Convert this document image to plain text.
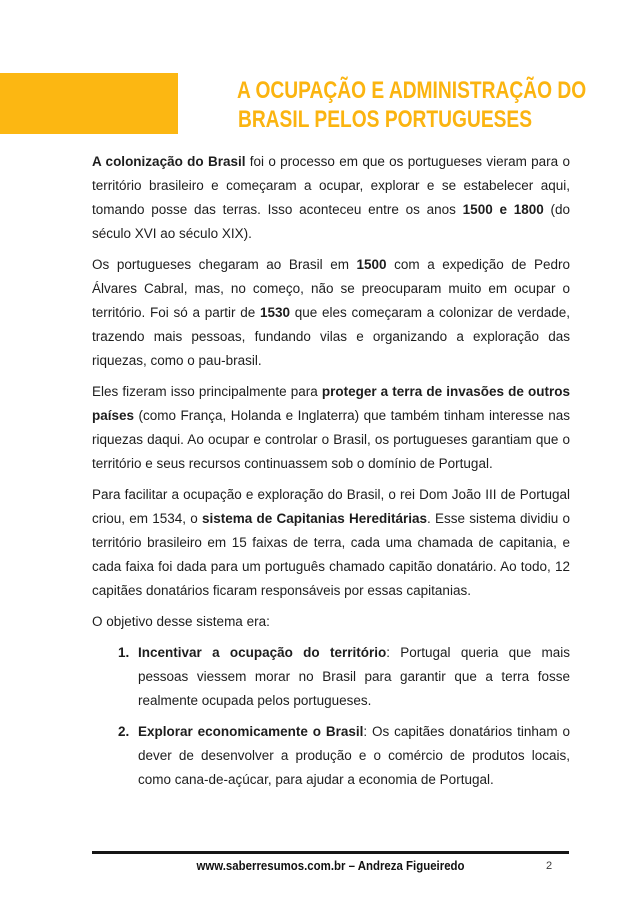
A OCUPAÇÃO E ADMINISTRAÇÃO DO
BRASIL PELOS PORTUGUESES

A colonização do Brasil foi o processo em que os portugueses vieram para o território brasileiro e começaram a ocupar, explorar e se estabelecer aqui, tomando posse das terras. Isso aconteceu entre os anos 1500 e 1800 (do século XVI ao século XIX).

Os portugueses chegaram ao Brasil em 1500 com a expedição de Pedro Álvares Cabral, mas, no começo, não se preocuparam muito em ocupar o território. Foi só a partir de 1530 que eles começaram a colonizar de verdade, trazendo mais pessoas, fundando vilas e organizando a exploração das riquezas, como o pau-brasil.

Eles fizeram isso principalmente para proteger a terra de invasões de outros países (como França, Holanda e Inglaterra) que também tinham interesse nas riquezas daqui. Ao ocupar e controlar o Brasil, os portugueses garantiam que o território e seus recursos continuassem sob o domínio de Portugal.

Para facilitar a ocupação e exploração do Brasil, o rei Dom João III de Portugal criou, em 1534, o sistema de Capitanias Hereditárias. Esse sistema dividiu o território brasileiro em 15 faixas de terra, cada uma chamada de capitania, e cada faixa foi dada para um português chamado capitão donatário. Ao todo, 12 capitães donatários ficaram responsáveis por essas capitanias.

O objetivo desse sistema era:

1. Incentivar a ocupação do território: Portugal queria que mais pessoas viessem morar no Brasil para garantir que a terra fosse realmente ocupada pelos portugueses.
2. Explorar economicamente o Brasil: Os capitães donatários tinham o dever de desenvolver a produção e o comércio de produtos locais, como cana-de-açúcar, para ajudar a economia de Portugal.
www.saberresumos.com.br – Andreza Figueiredo	2
